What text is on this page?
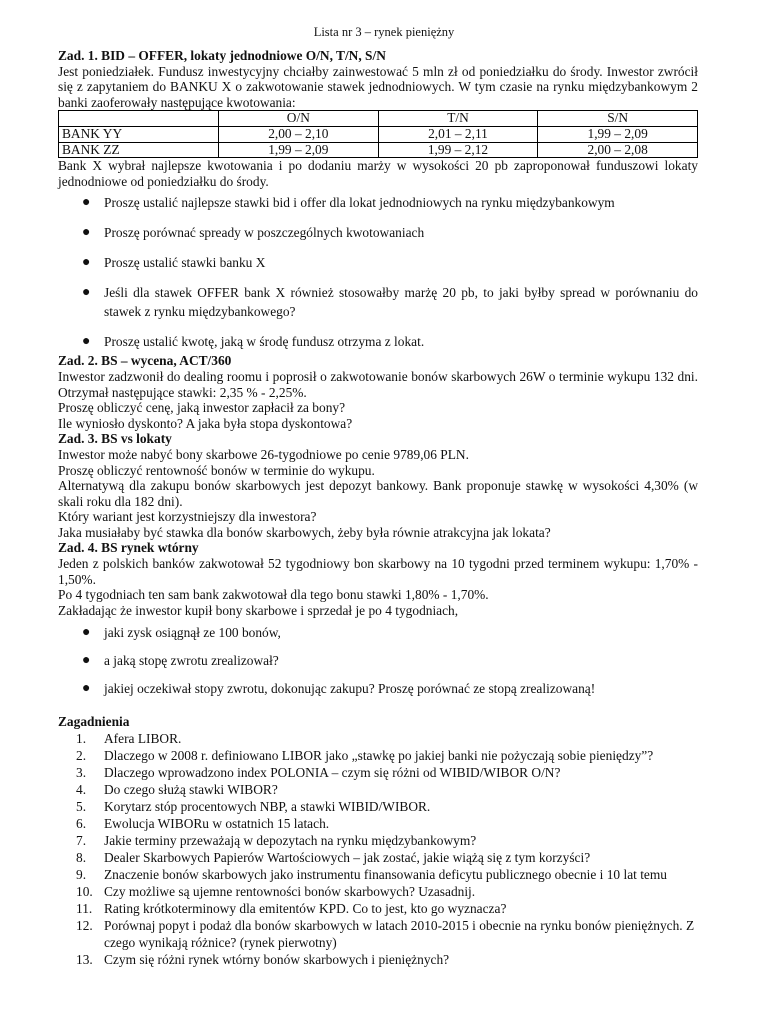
Lista nr 3 – rynek pieniężny

Zad. 1. BID – OFFER, lokaty jednodniowe O/N, T/N, S/N

Jest poniedziałek. Fundusz inwestycyjny chciałby zainwestować 5 mln zł od poniedziałku do środy. Inwestor zwrócił się z zapytaniem do BANKU X o zakwotowanie stawek jednodniowych. W tym czasie na rynku międzybankowym 2 banki zaoferowały następujące kwotowania:

	O/N	T/N	S/N
BANK YY	2,00 – 2,10	2,01 – 2,11	1,99 – 2,09
BANK ZZ	1,99 – 2,09	1,99 – 2,12	2,00 – 2,08

Bank X wybrał najlepsze kwotowania i po dodaniu marży w wysokości 20 pb zaproponował funduszowi lokaty jednodniowe od poniedziałku do środy.

● Proszę ustalić najlepsze stawki bid i offer dla lokat jednodniowych na rynku międzybankowym
● Proszę porównać spready w poszczególnych kwotowaniach
● Proszę ustalić stawki banku X
● Jeśli dla stawek OFFER bank X również stosowałby marżę 20 pb, to jaki byłby spread w porównaniu do stawek z rynku międzybankowego?
● Proszę ustalić kwotę, jaką w środę fundusz otrzyma z lokat.

Zad. 2. BS – wycena, ACT/360

Inwestor zadzwonił do dealing roomu i poprosił o zakwotowanie bonów skarbowych 26W o terminie wykupu 132 dni. Otrzymał następujące stawki: 2,35 % - 2,25%.

Proszę obliczyć cenę, jaką inwestor zapłacił za bony?

Ile wyniosło dyskonto? A jaka była stopa dyskontowa?

Zad. 3. BS vs lokaty

Inwestor może nabyć bony skarbowe 26-tygodniowe po cenie 9789,06 PLN.

Proszę obliczyć rentowność bonów w terminie do wykupu.

Alternatywą dla zakupu bonów skarbowych jest depozyt bankowy. Bank proponuje stawkę w wysokości 4,30% (w skali roku dla 182 dni).

Który wariant jest korzystniejszy dla inwestora?

Jaka musiałaby być stawka dla bonów skarbowych, żeby była równie atrakcyjna jak lokata?

Zad. 4. BS rynek wtórny

Jeden z polskich banków zakwotował 52 tygodniowy bon skarbowy na 10 tygodni przed terminem wykupu: 1,70% - 1,50%.

Po 4 tygodniach ten sam bank zakwotował dla tego bonu stawki 1,80% - 1,70%.

Zakładając że inwestor kupił bony skarbowe i sprzedał je po 4 tygodniach,

● jaki zysk osiągnął ze 100 bonów,
● a jaką stopę zwrotu zrealizował?
● jakiej oczekiwał stopy zwrotu, dokonując zakupu? Proszę porównać ze stopą zrealizowaną!

Zagadnienia

1. Afera LIBOR.
2. Dlaczego w 2008 r. definiowano LIBOR jako „stawkę po jakiej banki nie pożyczają sobie pieniędzy”?
3. Dlaczego wprowadzono index POLONIA – czym się różni od WIBID/WIBOR O/N?
4. Do czego służą stawki WIBOR?
5. Korytarz stóp procentowych NBP, a stawki WIBID/WIBOR.
6. Ewolucja WIBORu w ostatnich 15 latach.
7. Jakie terminy przeważają w depozytach na rynku międzybankowym?
8. Dealer Skarbowych Papierów Wartościowych – jak zostać, jakie wiążą się z tym korzyści?
9. Znaczenie bonów skarbowych jako instrumentu finansowania deficytu publicznego obecnie i 10 lat temu
10. Czy możliwe są ujemne rentowności bonów skarbowych? Uzasadnij.
11. Rating krótkoterminowy dla emitentów KPD. Co to jest, kto go wyznacza?
12. Porównaj popyt i podaż dla bonów skarbowych w latach 2010-2015 i obecnie na rynku bonów pieniężnych. Z czego wynikają różnice? (rynek pierwotny)
13. Czym się różni rynek wtórny bonów skarbowych i pieniężnych?
